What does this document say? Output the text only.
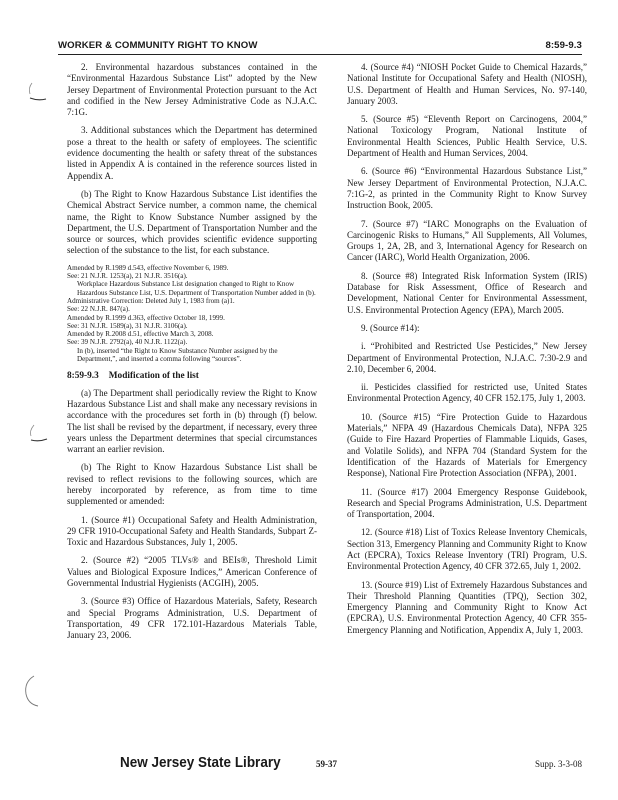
WORKER & COMMUNITY RIGHT TO KNOW	8:59-9.3

2. Environmental hazardous substances contained in the “Environmental Hazardous Substance List” adopted by the New Jersey Department of Environmental Protection pursuant to the Act and codified in the New Jersey Administrative Code as N.J.A.C. 7:1G.

3. Additional substances which the Department has determined pose a threat to the health or safety of employees. The scientific evidence documenting the health or safety threat of the substances listed in Appendix A is contained in the reference sources listed in Appendix A.

(b) The Right to Know Hazardous Substance List identifies the Chemical Abstract Service number, a common name, the chemical name, the Right to Know Substance Number assigned by the Department, the U.S. Department of Transportation Number and the source or sources, which provides scientific evidence supporting selection of the substance to the list, for each substance.

Amended by R.1989 d.543, effective November 6, 1989.
See: 21 N.J.R. 1253(a), 21 N.J.R. 3516(a).
Workplace Hazardous Substance List designation changed to Right to Know Hazardous Substance List, U.S. Department of Transportation Number added in (b).
Administrative Correction: Deleted July 1, 1983 from (a)1.
See: 22 N.J.R. 847(a).
Amended by R.1999 d.363, effective October 18, 1999.
See: 31 N.J.R. 1589(a), 31 N.J.R. 3106(a).
Amended by R.2008 d.51, effective March 3, 2008.
See: 39 N.J.R. 2792(a), 40 N.J.R. 1122(a).
In (b), inserted “the Right to Know Substance Number assigned by the Department,”, and inserted a comma following “sources”.
8:59-9.3 Modification of the list

(a) The Department shall periodically review the Right to Know Hazardous Substance List and shall make any necessary revisions in accordance with the procedures set forth in (b) through (f) below. The list shall be revised by the department, if necessary, every three years unless the Department determines that special circumstances warrant an earlier revision.

(b) The Right to Know Hazardous Substance List shall be revised to reflect revisions to the following sources, which are hereby incorporated by reference, as from time to time supplemented or amended:

1. (Source #1) Occupational Safety and Health Administration, 29 CFR 1910-Occupational Safety and Health Standards, Subpart Z-Toxic and Hazardous Substances, July 1, 2005.

2. (Source #2) “2005 TLVs® and BEIs®, Threshold Limit Values and Biological Exposure Indices,” American Conference of Governmental Industrial Hygienists (ACGIH), 2005.

3. (Source #3) Office of Hazardous Materials, Safety, Research and Special Programs Administration, U.S. Department of Transportation, 49 CFR 172.101-Hazardous Materials Table, January 23, 2006.

4. (Source #4) “NIOSH Pocket Guide to Chemical Hazards,” National Institute for Occupational Safety and Health (NIOSH), U.S. Department of Health and Human Services, No. 97-140, January 2003.

5. (Source #5) “Eleventh Report on Carcinogens, 2004,” National Toxicology Program, National Institute of Environmental Health Sciences, Public Health Service, U.S. Department of Health and Human Services, 2004.

6. (Source #6) “Environmental Hazardous Substance List,” New Jersey Department of Environmental Protection, N.J.A.C. 7:1G-2, as printed in the Community Right to Know Survey Instruction Book, 2005.

7. (Source #7) “IARC Monographs on the Evaluation of Carcinogenic Risks to Humans,” All Supplements, All Volumes, Groups 1, 2A, 2B, and 3, International Agency for Research on Cancer (IARC), World Health Organization, 2006.

8. (Source #8) Integrated Risk Information System (IRIS) Database for Risk Assessment, Office of Research and Development, National Center for Environmental Assessment, U.S. Environmental Protection Agency (EPA), March 2005.

9. (Source #14):

i. “Prohibited and Restricted Use Pesticides,” New Jersey Department of Environmental Protection, N.J.A.C. 7:30-2.9 and 2.10, December 6, 2004.

ii. Pesticides classified for restricted use, United States Environmental Protection Agency, 40 CFR 152.175, July 1, 2003.

10. (Source #15) “Fire Protection Guide to Hazardous Materials,” NFPA 49 (Hazardous Chemicals Data), NFPA 325 (Guide to Fire Hazard Properties of Flammable Liquids, Gases, and Volatile Solids), and NFPA 704 (Standard System for the Identification of the Hazards of Materials for Emergency Response), National Fire Protection Association (NFPA), 2001.

11. (Source #17) 2004 Emergency Response Guidebook, Research and Special Programs Administration, U.S. Department of Transportation, 2004.

12. (Source #18) List of Toxics Release Inventory Chemicals, Section 313, Emergency Planning and Community Right to Know Act (EPCRA), Toxics Release Inventory (TRI) Program, U.S. Environmental Protection Agency, 40 CFR 372.65, July 1, 2002.

13. (Source #19) List of Extremely Hazardous Substances and Their Threshold Planning Quantities (TPQ), Section 302, Emergency Planning and Community Right to Know Act (EPCRA), U.S. Environmental Protection Agency, 40 CFR 355-Emergency Planning and Notification, Appendix A, July 1, 2003.

New Jersey State Library	59-37	Supp. 3-3-08
